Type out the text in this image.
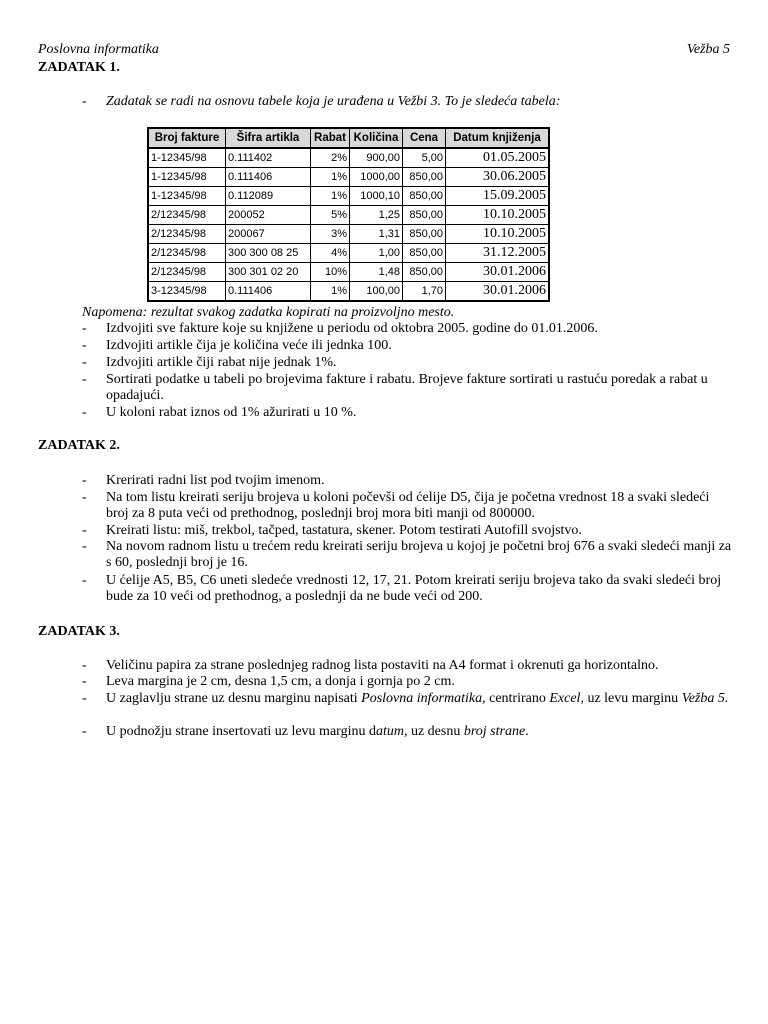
Poslovna informatika	Vežba 5
ZADATAK 1.
- Zadatak se radi na osnovu tabele koja je urađena u Vežbi 3. To je sledeća tabela:
Broj fakture	Šifra artikla	Rabat	Količina	Cena	Datum knjiženja
1-12345/98	0.111402	2%	900,00	5,00	01.05.2005
1-12345/98	0.111406	1%	1000,00	850,00	30.06.2005
1-12345/98	0.112089	1%	1000,10	850,00	15.09.2005
2/12345/98	200052	5%	1,25	850,00	10.10.2005
2/12345/98	200067	3%	1,31	850,00	10.10.2005
2/12345/98	300 300 08 25	4%	1,00	850,00	31.12.2005
2/12345/98	300 301 02 20	10%	1,48	850,00	30.01.2006
3-12345/98	0.111406	1%	100,00	1,70	30.01.2006
Napomena: rezultat svakog zadatka kopirati na proizvoljno mesto.
- Izdvojiti sve fakture koje su knjižene u periodu od oktobra 2005. godine do 01.01.2006.
- Izdvojiti artikle čija je količina veće ili jednka 100.
- Izdvojiti artikle čiji rabat nije jednak 1%.
- Sortirati podatke u tabeli po brojevima fakture i rabatu. Brojeve fakture sortirati u rastuću poredak a rabat u opadajući.
- U koloni rabat iznos od 1% ažurirati u 10 %.
ZADATAK 2.
- Krerirati radni list pod tvojim imenom.
- Na tom listu kreirati seriju brojeva u koloni počevši od ćelije D5, čija je početna vrednost 18 a svaki sledeći broj za 8 puta veći od prethodnog, poslednji broj mora biti manji od 800000.
- Kreirati listu: miš, trekbol, tačped, tastatura, skener. Potom testirati Autofill svojstvo.
- Na novom radnom listu u trećem redu kreirati seriju brojeva u kojoj je početni broj 676 a svaki sledeći manji za s 60, poslednji broj je 16.
- U ćelije A5, B5, C6 uneti sledeće vrednosti 12, 17, 21. Potom kreirati seriju brojeva tako da svaki sledeći broj bude za 10 veći od prethodnog, a poslednji da ne bude veći od 200.
ZADATAK 3.
- Veličinu papira za strane poslednjeg radnog lista postaviti na A4 format i okrenuti ga horizontalno.
- Leva margina je 2 cm, desna 1,5 cm, a donja i gornja po 2 cm.
- U zaglavlju strane uz desnu marginu napisati Poslovna informatika, centrirano Excel, uz levu marginu Vežba 5.
- U podnožju strane insertovati uz levu marginu datum, uz desnu broj strane.
